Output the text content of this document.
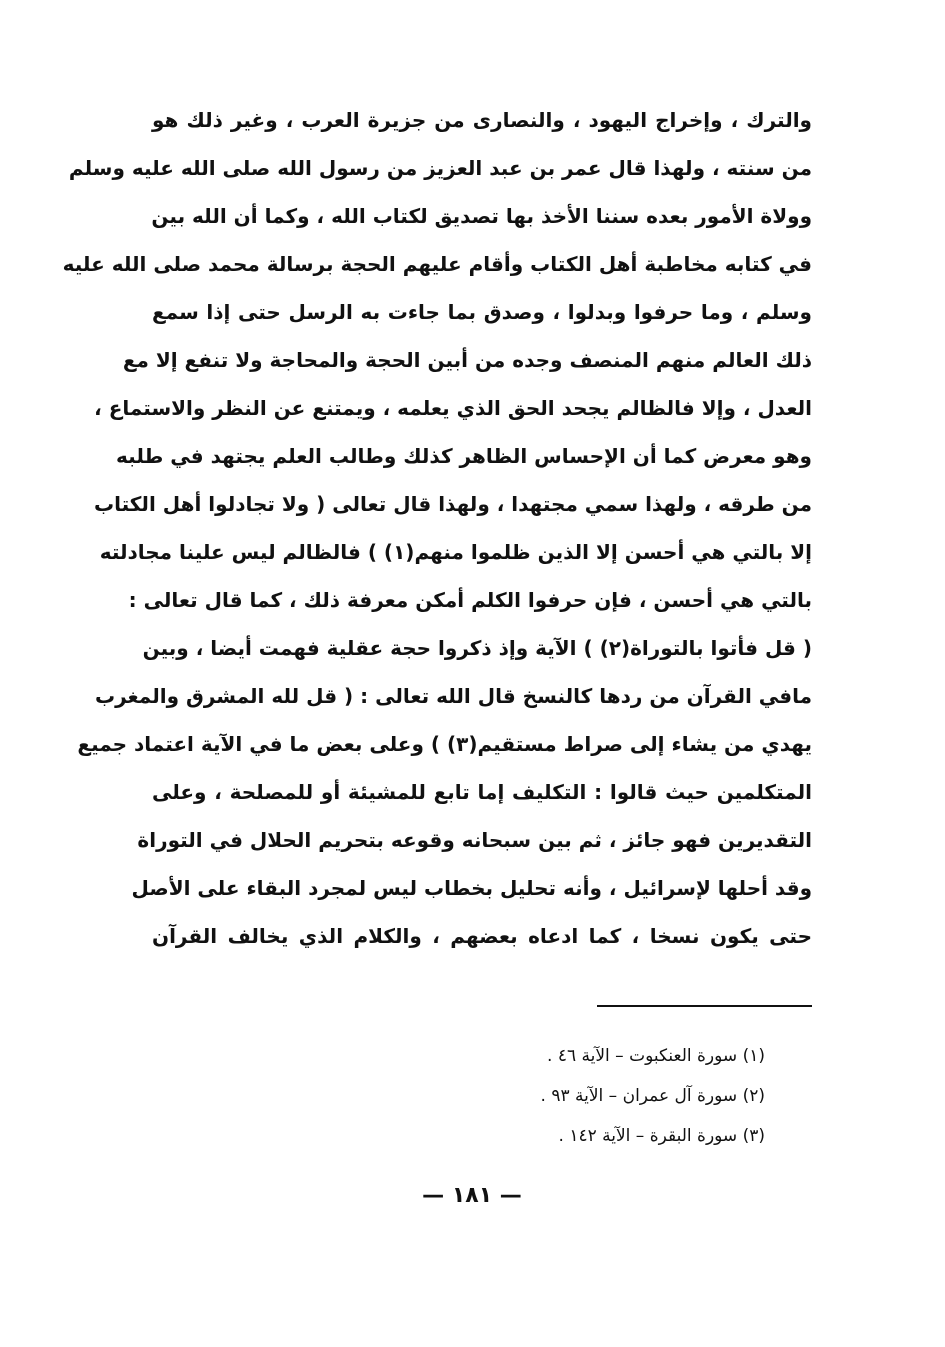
والترك ، وإخراج اليهود ، والنصارى من جزيرة العرب ، وغير ذلك هو
من سنته ، ولهذا قال عمر بن عبد العزيز من رسول الله صلى الله عليه وسلم
وولاة الأمور بعده سننا الأخذ بها تصديق لكتاب الله ، وكما أن الله بين
في كتابه مخاطبة أهل الكتاب وأقام عليهم الحجة برسالة محمد صلى الله عليه
وسلم ، وما حرفوا وبدلوا ، وصدق بما جاءت به الرسل حتى إذا سمع
ذلك العالم منهم المنصف وجده من أبين الحجة والمحاجة ولا تنفع إلا مع
العدل ، وإلا فالظالم يجحد الحق الذي يعلمه ، ويمتنع عن النظر والاستماع ،
وهو معرض كما أن الإحساس الظاهر كذلك وطالب العلم يجتهد في طلبه
من طرقه ، ولهذا سمي مجتهدا ، ولهذا قال تعالى ( ولا تجادلوا أهل الكتاب
إلا بالتي هي أحسن إلا الذين ظلموا منهم(١) ) فالظالم ليس علينا مجادلته
بالتي هي أحسن ، فإن حرفوا الكلم أمكن معرفة ذلك ، كما قال تعالى :
( قل فأتوا بالتوراة(٢) ) الآية وإذ ذكروا حجة عقلية فهمت أيضا ، وبين
مافي القرآن من ردها كالنسخ قال الله تعالى : ( قل لله المشرق والمغرب
يهدي من يشاء إلى صراط مستقيم(٣) ) وعلى بعض ما في الآية اعتماد جميع
المتكلمين حيث قالوا : التكليف إما تابع للمشيئة أو للمصلحة ، وعلى
التقديرين فهو جائز ، ثم بين سبحانه وقوعه بتحريم الحلال في التوراة
وقد أحلها لإسرائيل ، وأنه تحليل بخطاب ليس لمجرد البقاء على الأصل
حتى يكون نسخا ، كما ادعاه بعضهم ، والكلام الذي يخالف القرآن
(١) سورة العنكبوت – الآية ٤٦ .
(٢) سورة آل عمران – الآية ٩٣ .
(٣) سورة البقرة – الآية ١٤٢ .
— ١٨١ —
